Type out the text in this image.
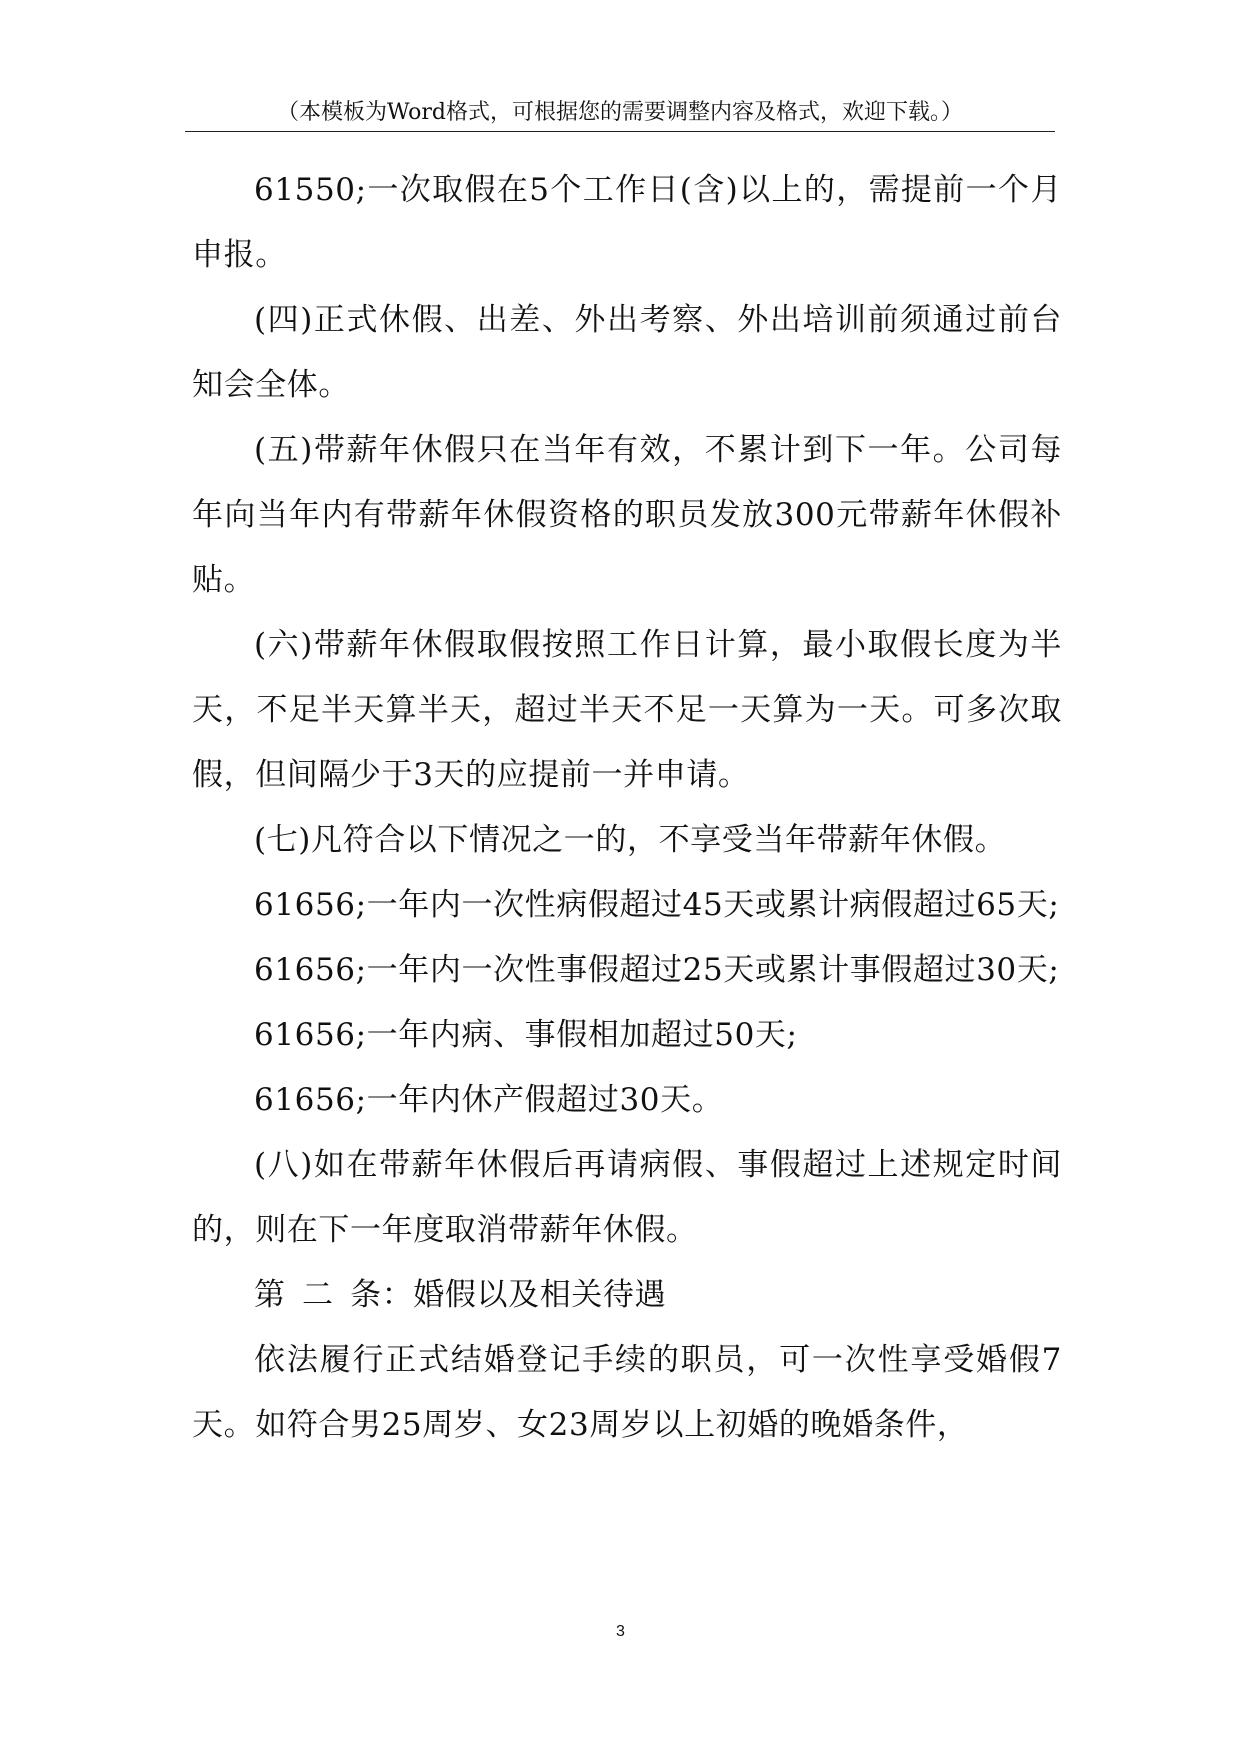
（本模板为Word格式，可根据您的需要调整内容及格式，欢迎下载。）

61550;一次取假在5个工作日(含)以上的，需提前一个月申报。

(四)正式休假、出差、外出考察、外出培训前须通过前台知会全体。

(五)带薪年休假只在当年有效，不累计到下一年。公司每年向当年内有带薪年休假资格的职员发放300元带薪年休假补贴。

(六)带薪年休假取假按照工作日计算，最小取假长度为半天，不足半天算半天，超过半天不足一天算为一天。可多次取假，但间隔少于3天的应提前一并申请。

(七)凡符合以下情况之一的，不享受当年带薪年休假。

61656;一年内一次性病假超过45天或累计病假超过65天;

61656;一年内一次性事假超过25天或累计事假超过30天;

61656;一年内病、事假相加超过50天;

61656;一年内休产假超过30天。

(八)如在带薪年休假后再请病假、事假超过上述规定时间的，则在下一年度取消带薪年休假。

第 二 条：婚假以及相关待遇

依法履行正式结婚登记手续的职员，可一次性享受婚假7天。如符合男25周岁、女23周岁以上初婚的晚婚条件，

3
